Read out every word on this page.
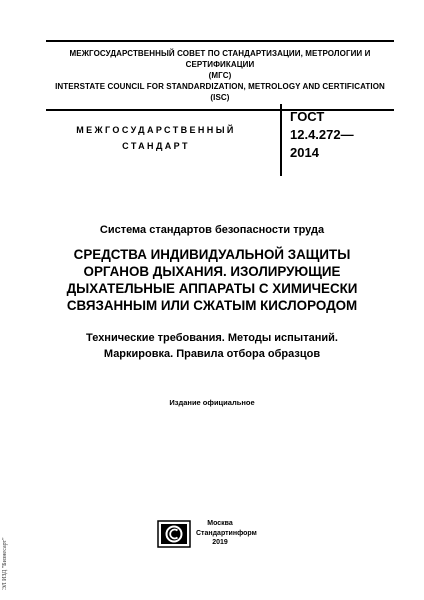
МЕЖГОСУДАРСТВЕННЫЙ СОВЕТ ПО СТАНДАРТИЗАЦИИ, МЕТРОЛОГИИ И СЕРТИФИКАЦИИ
(МГС)
INTERSTATE COUNCIL FOR STANDARDIZATION, METROLOGY AND CERTIFICATION
(ISC)
МЕЖГОСУДАРСТВЕННЫЙ
СТАНДАРТ
ГОСТ
12.4.272—
2014
Система стандартов безопасности труда
СРЕДСТВА ИНДИВИДУАЛЬНОЙ ЗАЩИТЫ
ОРГАНОВ ДЫХАНИЯ. ИЗОЛИРУЮЩИЕ
ДЫХАТЕЛЬНЫЕ АППАРАТЫ С ХИМИЧЕСКИ
СВЯЗАННЫМ ИЛИ СЖАТЫМ КИСЛОРОДОМ
Технические требования. Методы испытаний.
Маркировка. Правила отбора образцов
Издание официальное
Москва
Стандартинформ
2019
ЭЛ ИЗД "Бизнесарт"
